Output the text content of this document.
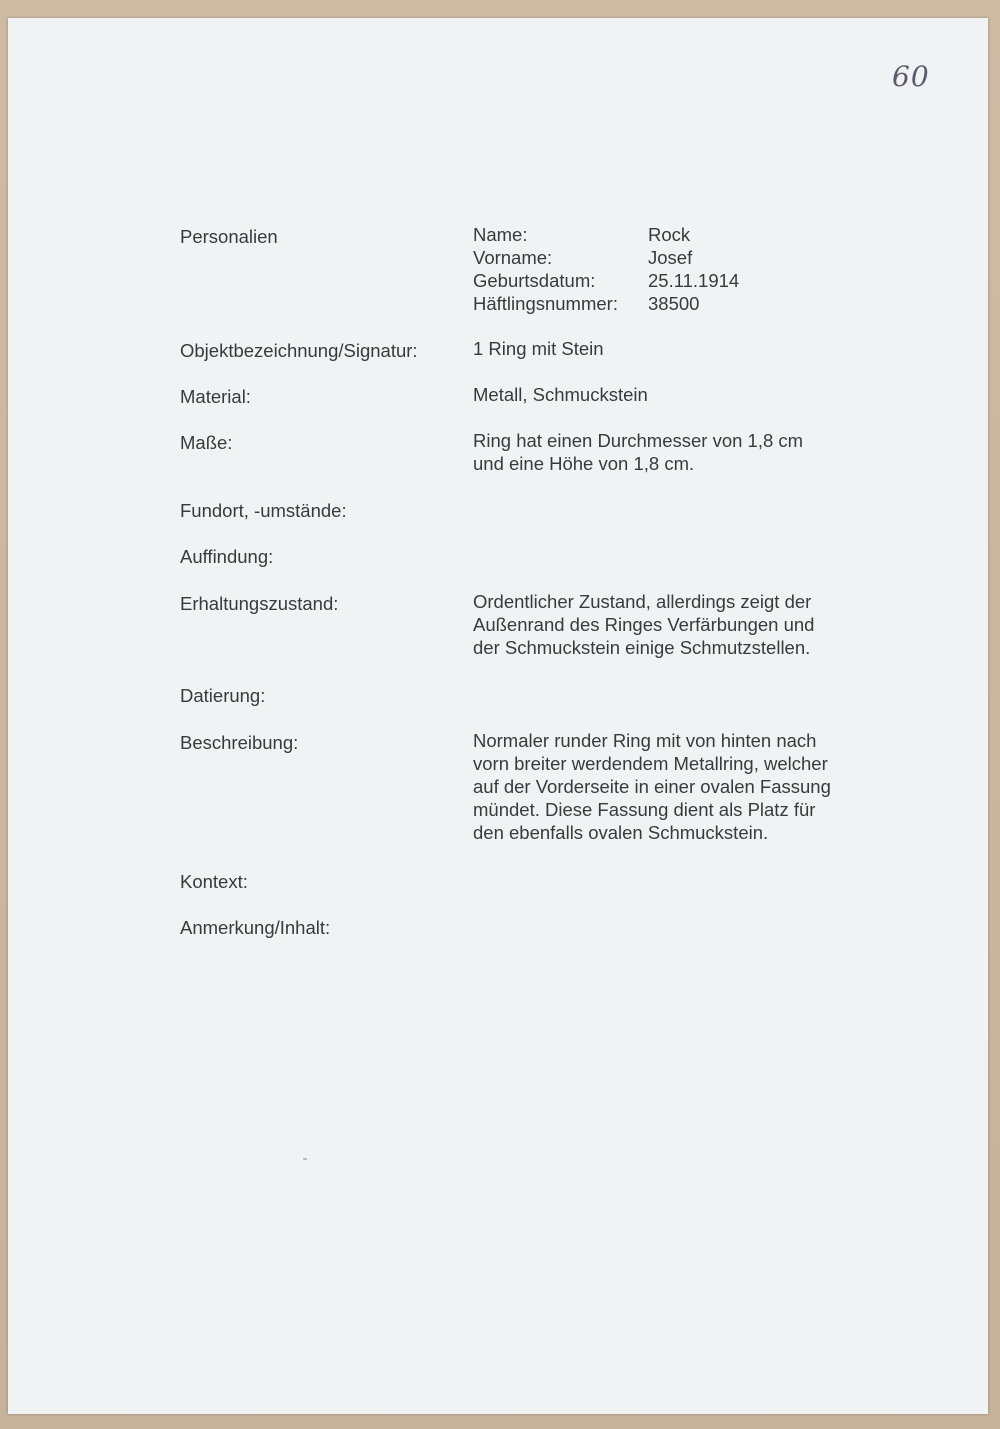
60
Personalien	Name:	Rock
Vorname:	Josef
Geburtsdatum:	25.11.1914
Häftlingsnummer: 38500
Objektbezeichnung/Signatur:	1 Ring mit Stein
Material:	Metall, Schmuckstein
Maße:	Ring hat einen Durchmesser von 1,8 cm
und eine Höhe von 1,8 cm.
Fundort, -umstände:
Auffindung:
Erhaltungszustand:	Ordentlicher Zustand, allerdings zeigt der
Außenrand des Ringes Verfärbungen und
der Schmuckstein einige Schmutzstellen.
Datierung:
Beschreibung:	Normaler runder Ring mit von hinten nach
vorn breiter werdendem Metallring, welcher
auf der Vorderseite in einer ovalen Fassung
mündet. Diese Fassung dient als Platz für
den ebenfalls ovalen Schmuckstein.
Kontext:
Anmerkung/Inhalt:
